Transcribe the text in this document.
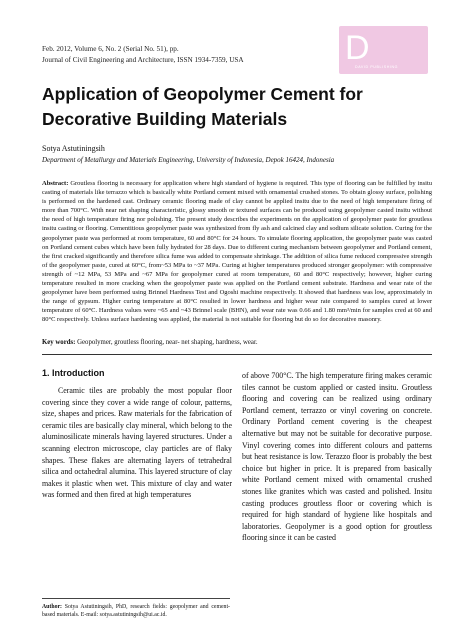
Feb. 2012, Volume 6, No. 2 (Serial No. 51), pp.
Journal of Civil Engineering and Architecture, ISSN 1934-7359, USA	D
DAVID PUBLISHING
Application of Geopolymer Cement for Decorative Building Materials
Sotya Astutiningsih
Department of Metallurgy and Materials Engineering, University of Indonesia, Depok 16424, Indonesia
Abstract: Groutless flooring is necessary for application where high standard of hygiene is required. This type of flooring can be fulfilled by insitu casting of materials like terrazzo which is basically white Portland cement mixed with ornamental crushed stones. To obtain glossy surface, polishing is performed on the hardened cast. Ordinary ceramic flooring made of clay cannot be applied insitu due to the need of high temperature firing of more than 700°C. With near net shaping characteristic, glossy smooth or textured surfaces can be produced using geopolymer casted insitu without the need of high temperature firing nor polishing. The present study describes the experiments on the application of geopolymer paste for groutless insitu casting or flooring. Cementitious geopolymer paste was synthesized from fly ash and calcined clay and sodium silicate solution. Curing for the geopolymer paste was performed at room temperature, 60 and 80°C for 24 hours. To simulate flooring application, the geopolymer paste was casted on Portland cement cubes which have been fully hydrated for 28 days. Due to different curing mechanism between geopolymer and Portland cement, the first cracked significantly and therefore silica fume was added to compensate shrinkage. The addition of silica fume reduced compressive strength of the geopolymer paste, cured at 60°C, from~53 MPa to ~37 MPa. Curing at higher temperatures produced stronger geopolymer: with compressive strength of ~12 MPa, 53 MPa and ~67 MPa for geopolymer cured at room temperature, 60 and 80°C respectively; however, higher curing temperature resulted in more cracking when the geopolymer paste was applied on the Portland cement substrate. Hardness and wear rate of the geopolymer have been performed using Brinnel Hardness Test and Ogoshi machine respectively. It showed that hardness was low, approximately in the range of gypsum. Higher curing temperature at 80°C resulted in lower hardness and higher wear rate compared to samples cured at lower temperature of 60°C. Hardness values were ~65 and ~43 Brinnel scale (BHN), and wear rate was 0.66 and 1.80 mm³/min for samples cred at 60 and 80°C respectively. Unless surface hardening was applied, the material is not suitable for flooring but do so for decorative masonry.
Key words: Geopolymer, groutless flooring, near- net shaping, hardness, wear.
1. Introduction

Ceramic tiles are probably the most popular floor covering since they cover a wide range of colour, patterns, size, shapes and prices. Raw materials for the fabrication of ceramic tiles are basically clay mineral, which belong to the aluminosilicate minerals having layered structures. Under a scanning electron microscope, clay particles are of flaky shapes. These flakes are alternating layers of tetrahedral silica and octahedral alumina. This layered structure of clay makes it plastic when wet. This mixture of clay and water was formed and then fired at high temperatures

of above 700°C. The high temperature firing makes ceramic tiles cannot be custom applied or casted insitu. Groutless flooring and covering can be realized using ordinary Portland cement, terrazzo or vinyl covering on concrete. Ordinary Portland cement covering is the cheapest alternative but may not be suitable for decorative purpose. Vinyl covering comes into different colours and patterns but heat resistance is low. Terazzo floor is probably the best choice but higher in price. It is prepared from basically white Portland cement mixed with ornamental crushed stones like granites which was casted and polished. Insitu casting produces groutless floor or covering which is required for high standard of hygiene like hospitals and laboratories. Geopolymer is a good option for groutless flooring since it can be casted

Author: Sotya Astutiningsih, PhD, research fields: geopolymer and cement-based materials. E-mail: sotya.astutiningsih@ui.ac.id.
